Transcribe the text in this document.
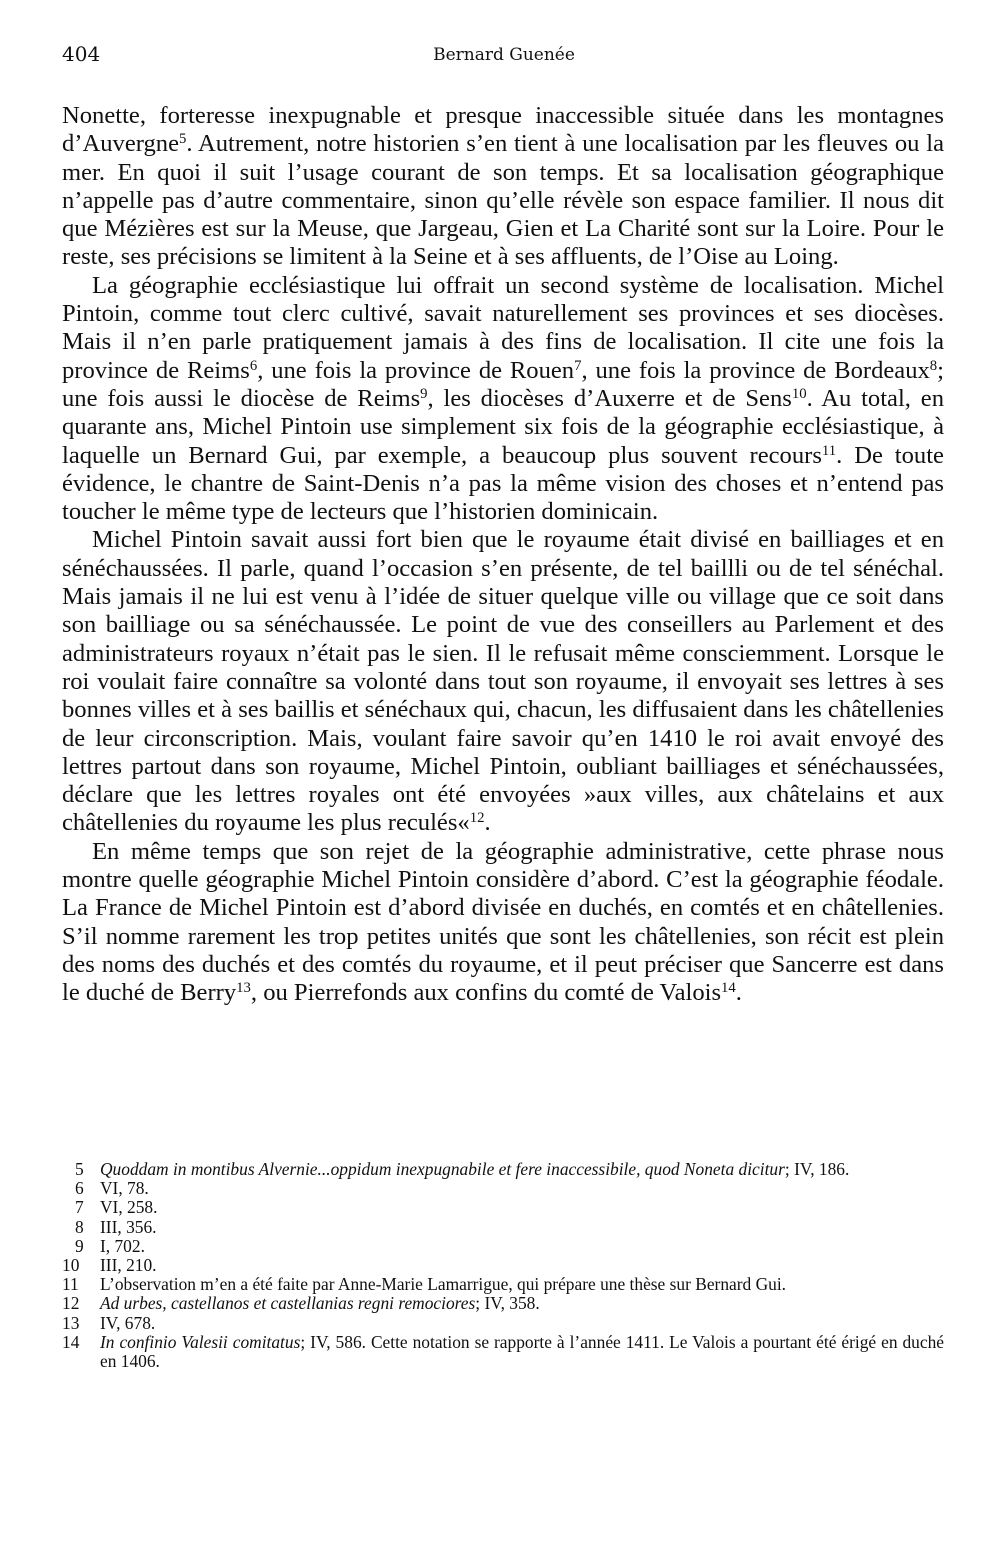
404	Bernard Guenée

Nonette, forteresse inexpugnable et presque inaccessible située dans les montagnes d’Auvergne$^5$. Autrement, notre historien s’en tient à une localisation par les fleuves ou la mer. En quoi il suit l’usage courant de son temps. Et sa localisation géographique n’appelle pas d’autre commentaire, sinon qu’elle révèle son espace familier. Il nous dit que Mézières est sur la Meuse, que Jargeau, Gien et La Charité sont sur la Loire. Pour le reste, ses précisions se limitent à la Seine et à ses affluents, de l’Oise au Loing.

La géographie ecclésiastique lui offrait un second système de localisation. Michel Pintoin, comme tout clerc cultivé, savait naturellement ses provinces et ses diocèses. Mais il n’en parle pratiquement jamais à des fins de localisation. Il cite une fois la province de Reims$^6$, une fois la province de Rouen$^7$, une fois la province de Bordeaux$^8$; une fois aussi le diocèse de Reims$^9$, les diocèses d’Auxerre et de Sens$^{10}$. Au total, en quarante ans, Michel Pintoin use simplement six fois de la géographie ecclésiastique, à laquelle un Bernard Gui, par exemple, a beaucoup plus souvent recours$^{11}$. De toute évidence, le chantre de Saint-Denis n’a pas la même vision des choses et n’entend pas toucher le même type de lecteurs que l’historien dominicain.

Michel Pintoin savait aussi fort bien que le royaume était divisé en bailliages et en sénéchaussées. Il parle, quand l’occasion s’en présente, de tel baillli ou de tel sénéchal. Mais jamais il ne lui est venu à l’idée de situer quelque ville ou village que ce soit dans son bailliage ou sa sénéchaussée. Le point de vue des conseillers au Parlement et des administrateurs royaux n’était pas le sien. Il le refusait même consciemment. Lorsque le roi voulait faire connaître sa volonté dans tout son royaume, il envoyait ses lettres à ses bonnes villes et à ses baillis et sénéchaux qui, chacun, les diffusaient dans les châtellenies de leur circonscription. Mais, voulant faire savoir qu’en 1410 le roi avait envoyé des lettres partout dans son royaume, Michel Pintoin, oubliant bailliages et sénéchaussées, déclare que les lettres royales ont été envoyées »aux villes, aux châtelains et aux châtellenies du royaume les plus reculés«$^{12}$.

En même temps que son rejet de la géographie administrative, cette phrase nous montre quelle géographie Michel Pintoin considère d’abord. C’est la géographie féodale. La France de Michel Pintoin est d’abord divisée en duchés, en comtés et en châtellenies. S’il nomme rarement les trop petites unités que sont les châtellenies, son récit est plein des noms des duchés et des comtés du royaume, et il peut préciser que Sancerre est dans le duché de Berry$^{13}$, ou Pierrefonds aux confins du comté de Valois$^{14}$.

5 Quoddam in montibus Alvernie...oppidum inexpugnabile et fere inaccessibile, quod Noneta dicitur; IV, 186.
6 VI, 78.
7 VI, 258.
8 III, 356.
9 I, 702.
10	III, 210.
11	L’observation m’en a été faite par Anne-Marie Lamarrigue, qui prépare une thèse sur Bernard Gui.
12	Ad urbes, castellanos et castellanias regni remociores; IV, 358.
13	IV, 678.
14	In confinio Valesii comitatus; IV, 586. Cette notation se rapporte à l’année 1411. Le Valois a pourtant été érigé en duché en 1406.
